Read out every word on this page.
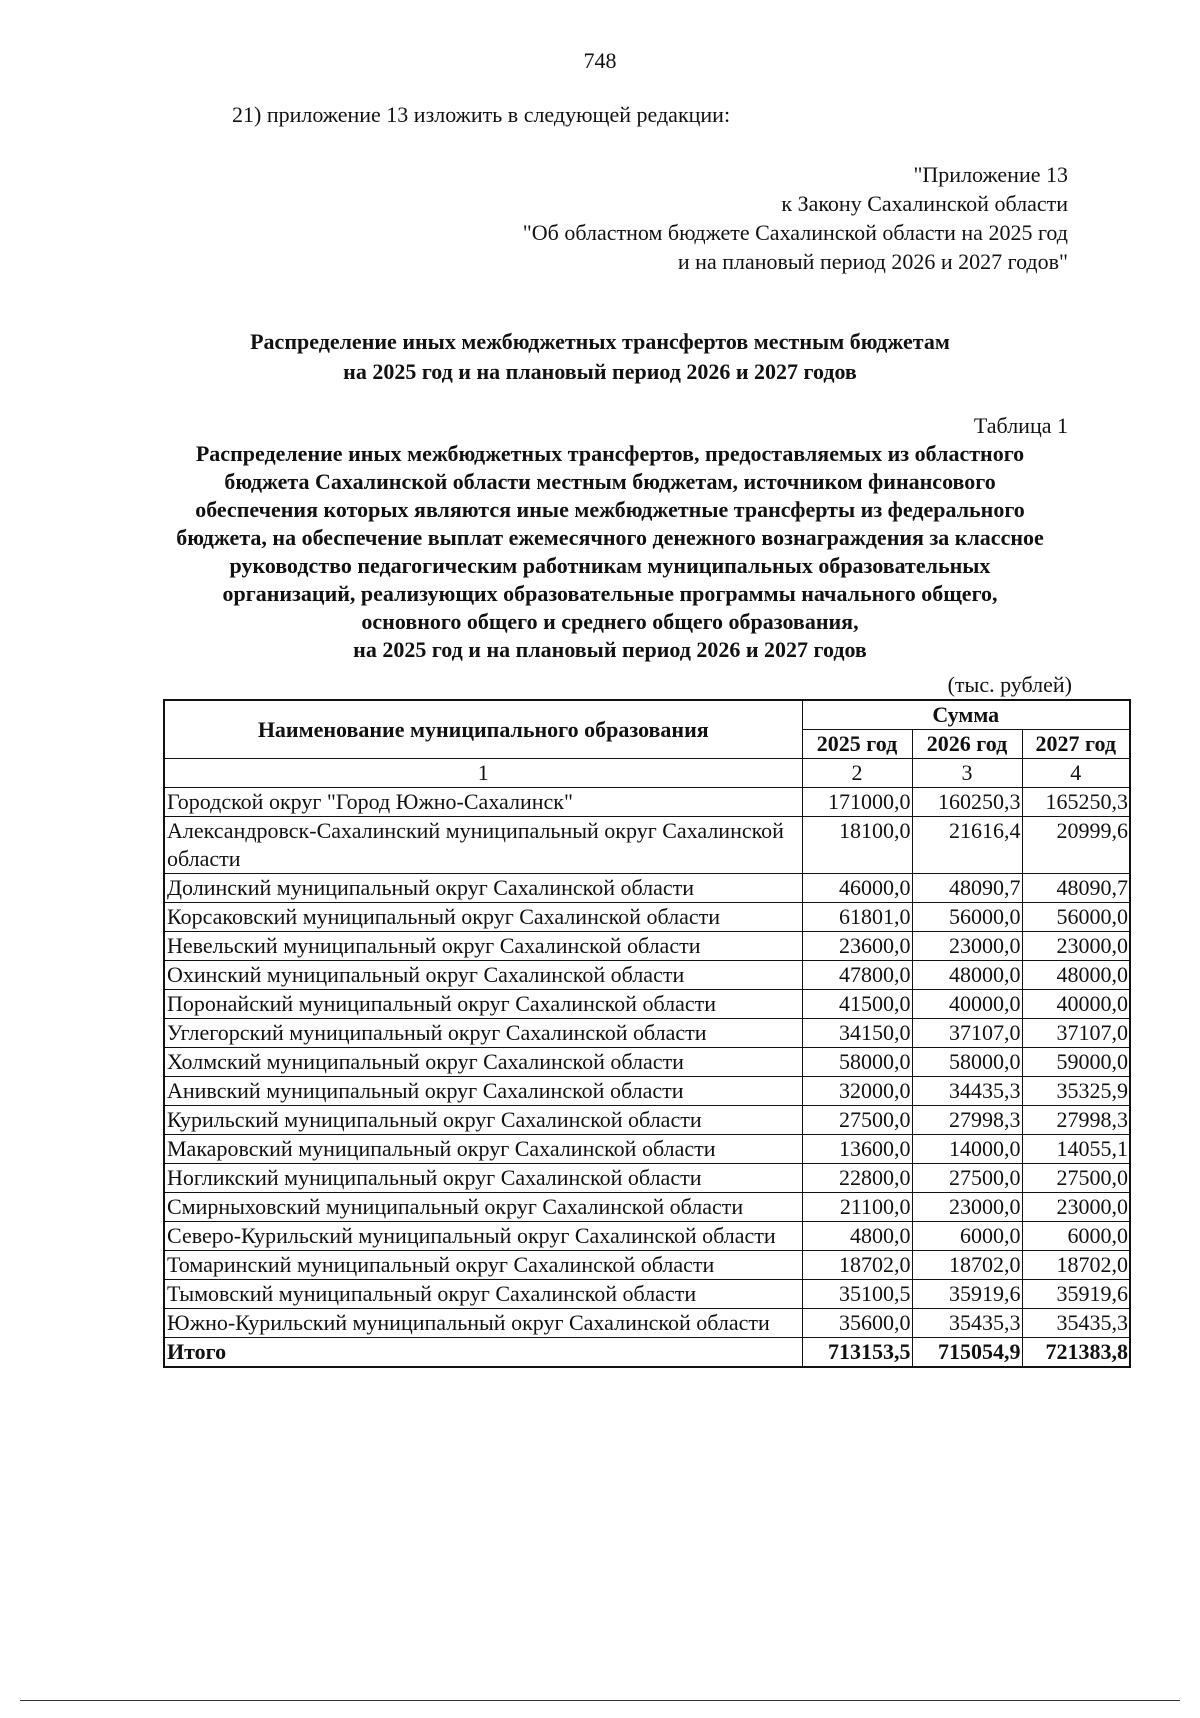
748
21) приложение 13 изложить в следующей редакции:
"Приложение 13
к Закону Сахалинской области
"Об областном бюджете Сахалинской области на 2025 год
и на плановый период 2026 и 2027 годов"
Распределение иных межбюджетных трансфертов местным бюджетам
на 2025 год и на плановый период 2026 и 2027 годов
Таблица 1
Распределение иных межбюджетных трансфертов, предоставляемых из областного
бюджета Сахалинской области местным бюджетам, источником финансового
обеспечения которых являются иные межбюджетные трансферты из федерального
бюджета, на обеспечение выплат ежемесячного денежного вознаграждения за классное
руководство педагогическим работникам муниципальных образовательных
организаций, реализующих образовательные программы начального общего,
основного общего и среднего общего образования,
на 2025 год и на плановый период 2026 и 2027 годов
(тыс. рублей)
Наименование муниципального образования	Сумма		
	2025 год	2026 год	2027 год
1	2	3	4
Городской округ "Город Южно-Сахалинск"	171000,0	160250,3	165250,3
Александровск-Сахалинский муниципальный округ Сахалинской области	18100,0	21616,4	20999,6
Долинский муниципальный округ Сахалинской области	46000,0	48090,7	48090,7
Корсаковский муниципальный округ Сахалинской области	61801,0	56000,0	56000,0
Невельский муниципальный округ Сахалинской области	23600,0	23000,0	23000,0
Охинский муниципальный округ Сахалинской области	47800,0	48000,0	48000,0
Поронайский муниципальный округ Сахалинской области	41500,0	40000,0	40000,0
Углегорский муниципальный округ Сахалинской области	34150,0	37107,0	37107,0
Холмский муниципальный округ Сахалинской области	58000,0	58000,0	59000,0
Анивский муниципальный округ Сахалинской области	32000,0	34435,3	35325,9
Курильский муниципальный округ Сахалинской области	27500,0	27998,3	27998,3
Макаровский муниципальный округ Сахалинской области	13600,0	14000,0	14055,1
Ногликский муниципальный округ Сахалинской области	22800,0	27500,0	27500,0
Смирныховский муниципальный округ Сахалинской области	21100,0	23000,0	23000,0
Северо-Курильский муниципальный округ Сахалинской области	4800,0	6000,0	6000,0
Томаринский муниципальный округ Сахалинской области	18702,0	18702,0	18702,0
Тымовский муниципальный округ Сахалинской области	35100,5	35919,6	35919,6
Южно-Курильский муниципальный округ Сахалинской области	35600,0	35435,3	35435,3
Итого	713153,5	715054,9	721383,8
